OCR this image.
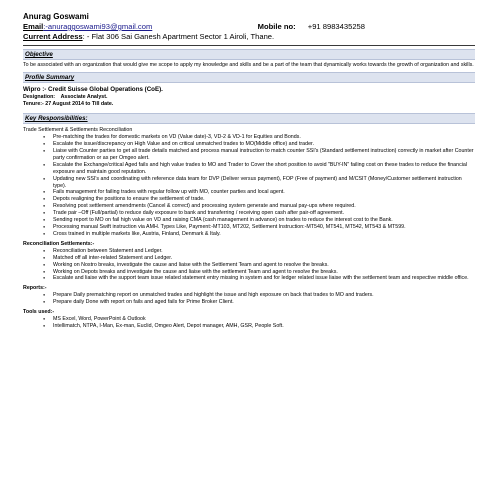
Anurag Goswami
Email :-anuraggoswami93@gmail.com	Mobile no: +91 8983435258
Current Address: - Flat 306 Sai Ganesh Apartment Sector 1 Airoli, Thane.
Objective
To be associated with an organization that would give me scope to apply my knowledge and skills and be a part of the team that dynamically works towards the growth of organization and skills.
Profile Summary
Wipro :- Credit Suisse Global Operations (CoE).
Designation: Associate Analyst.
Tenure:- 27 August 2014 to Till date.
Key Responsibilities:
Trade Settlement & Settlements Reconciliation
● Pre-matching the trades for domestic markets on VD (Value date)-3, VD-2 & VD-1 for Equities and Bonds.
● Escalate the issue/discrepancy on High Value and on critical unmatched trades to MO(Middle office) and trader.
● Liaise with Counter parties to get all trade details matched and process manual instruction to match counter SSI's (Standard settlement instruction) correctly in market after Counter party confirmation or as per Omgeo alert.
● Escalate the Exchange/critical Aged fails and high value trades to MO and Trader to Cover the short position to avoid "BUY-IN" failing cost on these trades to reduce the financial exposure and maintain good reputation.
● Updating new SSI's and coordinating with reference data team for DVP (Deliver versus payment), FOP (Free of payment) and M/CSIT (Money/Customer settlement instruction type).
● Fails management for failing trades with regular follow up with MO, counter parties and local agent.
● Depots realigning the positions to ensure the settlement of trade.
● Resolving post settlement amendments (Cancel & correct) and processing system generate and manual pay-ups where required.
● Trade pair –Off (Full/partial) to reduce daily exposure to bank and transferring / receiving open cash after pair-off agreement.
● Sending report to MO on fail high value on VD and raising CMA (cash management in advance) on trades to reduce the interest cost to the Bank.
● Processing manual Swift instruction via AMH. Types Like, Payment:-MT103, MT202, Settlement Instruction:-MT540, MT541, MT542, MT543 & MT599.
● Cross trained in multiple markets like, Austria, Finland, Denmark & Italy.
Reconciliation Settlements:-
● Reconciliation between Statement and Ledger.
● Matched off all inter-related Statement and Ledger.
● Working on Nostro breaks, investigate the cause and liaise with the Settlement Team and agent to resolve the breaks.
● Working on Depots breaks and investigate the cause and liaise with the settlement Team and agent to resolve the breaks.
● Escalate and liaise with the support team issue related statement entry missing in system and for ledger related issue liaise with the settlement team and respective middle office.
Reports:-
● Prepare Daily prematching report on unmatched trades and highlight the issue and high exposure on back that trades to MO and traders.
● Prepare daily Done with report on fails and aged fails for Prime Broker Client.
Tools used:-
● MS Excel, Word, PowerPoint & Outlook
● Intellimatch, NTPA, I-Man, Ex-man, Euclid, Omgeo Alert, Depot manager, AMH, GSR, People Soft.
